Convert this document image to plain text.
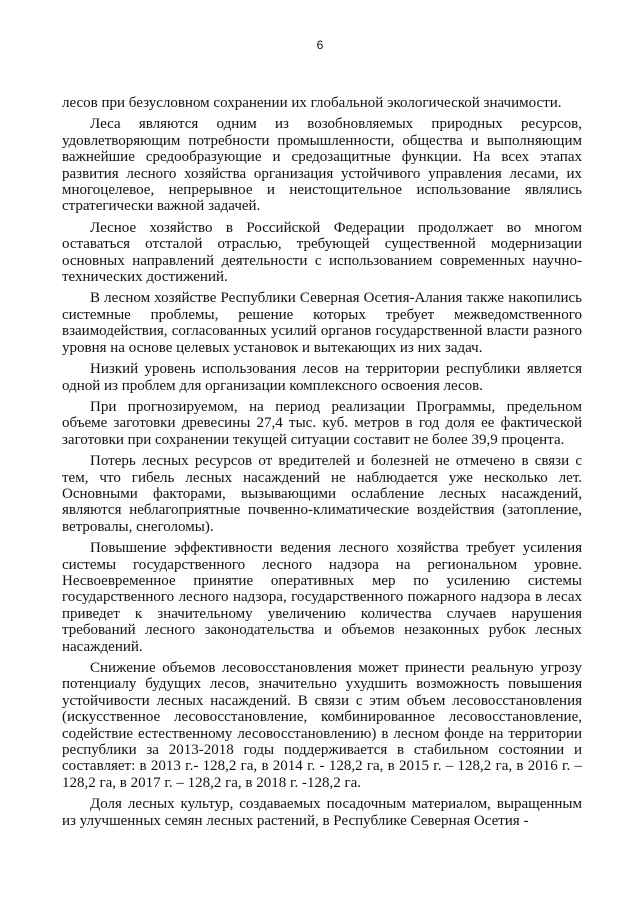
6

лесов при безусловном сохранении их глобальной экологической значимости.

Леса являются одним из возобновляемых природных ресурсов, удовлетворяющим потребности промышленности, общества и выполняющим важнейшие средообразующие и средозащитные функции. На всех этапах развития лесного хозяйства организация устойчивого управления лесами, их многоцелевое, непрерывное и неистощительное использование являлись стратегически важной задачей.

Лесное хозяйство в Российской Федерации продолжает во многом оставаться отсталой отраслью, требующей существенной модернизации основных направлений деятельности с использованием современных научно-технических достижений.

В лесном хозяйстве Республики Северная Осетия-Алания также накопились системные проблемы, решение которых требует межведомственного взаимодействия, согласованных усилий органов государственной власти разного уровня на основе целевых установок и вытекающих из них задач.

Низкий уровень использования лесов на территории республики является одной из проблем для организации комплексного освоения лесов.

При прогнозируемом, на период реализации Программы, предельном объеме заготовки древесины 27,4 тыс. куб. метров в год доля ее фактической заготовки при сохранении текущей ситуации составит не более 39,9 процента.

Потерь лесных ресурсов от вредителей и болезней не отмечено в связи с тем, что гибель лесных насаждений не наблюдается уже несколько лет. Основными факторами, вызывающими ослабление лесных насаждений, являются неблагоприятные почвенно-климатические воздействия (затопление, ветровалы, снеголомы).

Повышение эффективности ведения лесного хозяйства требует усиления системы государственного лесного надзора на региональном уровне. Несвоевременное принятие оперативных мер по усилению системы государственного лесного надзора, государственного пожарного надзора в лесах приведет к значительному увеличению количества случаев нарушения требований лесного законодательства и объемов незаконных рубок лесных насаждений.

Снижение объемов лесовосстановления может принести реальную угрозу потенциалу будущих лесов, значительно ухудшить возможность повышения устойчивости лесных насаждений. В связи с этим объем лесовосстановления (искусственное лесовосстановление, комбинированное лесовосстановление, содействие естественному лесовосстановлению) в лесном фонде на территории республики за 2013-2018 годы поддерживается в стабильном состоянии и составляет: в 2013 г.- 128,2 га, в 2014 г. - 128,2 га, в 2015 г. – 128,2 га, в 2016 г. – 128,2 га, в 2017 г. – 128,2 га, в 2018 г. -128,2 га.

Доля лесных культур, создаваемых посадочным материалом, выращенным из улучшенных семян лесных растений, в Республике Северная Осетия -
